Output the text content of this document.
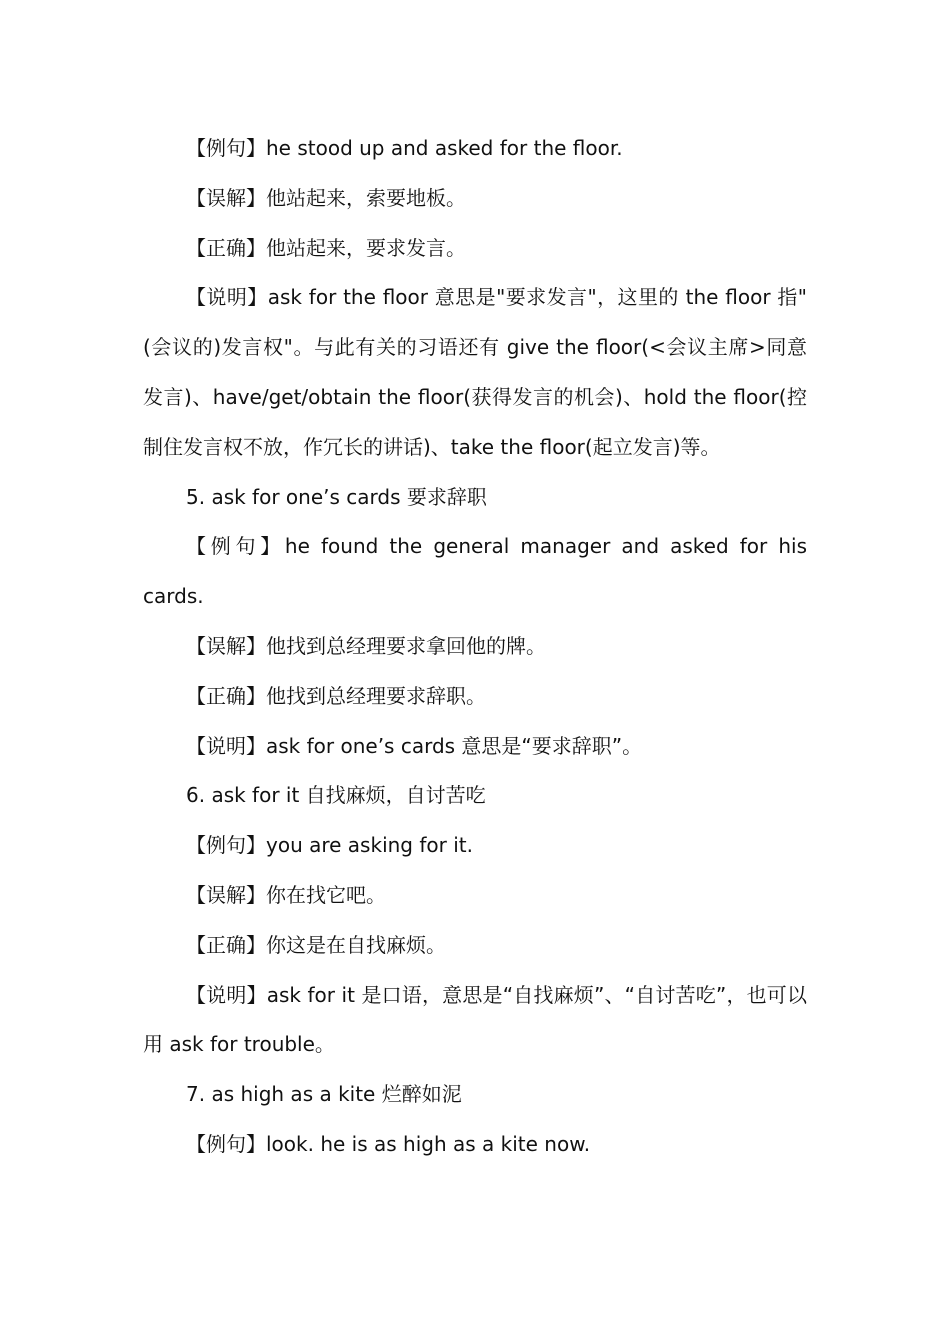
【例句】he stood up and asked for the floor.

【误解】他站起来，索要地板。

【正确】他站起来，要求发言。

【说明】ask for the floor 意思是"要求发言"，这里的 the floor 指"(会议的)发言权"。与此有关的习语还有 give the floor(<会议主席>同意发言)、have/get/obtain the floor(获得发言的机会)、hold the floor(控制住发言权不放，作冗长的讲话)、take the floor(起立发言)等。

5. ask for one’s cards 要求辞职

【例句】he found the general manager and asked for his cards.

【误解】他找到总经理要求拿回他的牌。

【正确】他找到总经理要求辞职。

【说明】ask for one’s cards 意思是“要求辞职”。

6. ask for it 自找麻烦，自讨苦吃

【例句】you are asking for it.

【误解】你在找它吧。

【正确】你这是在自找麻烦。

【说明】ask for it 是口语，意思是“自找麻烦”、“自讨苦吃”，也可以用 ask for trouble。

7. as high as a kite 烂醉如泥

【例句】look. he is as high as a kite now.
